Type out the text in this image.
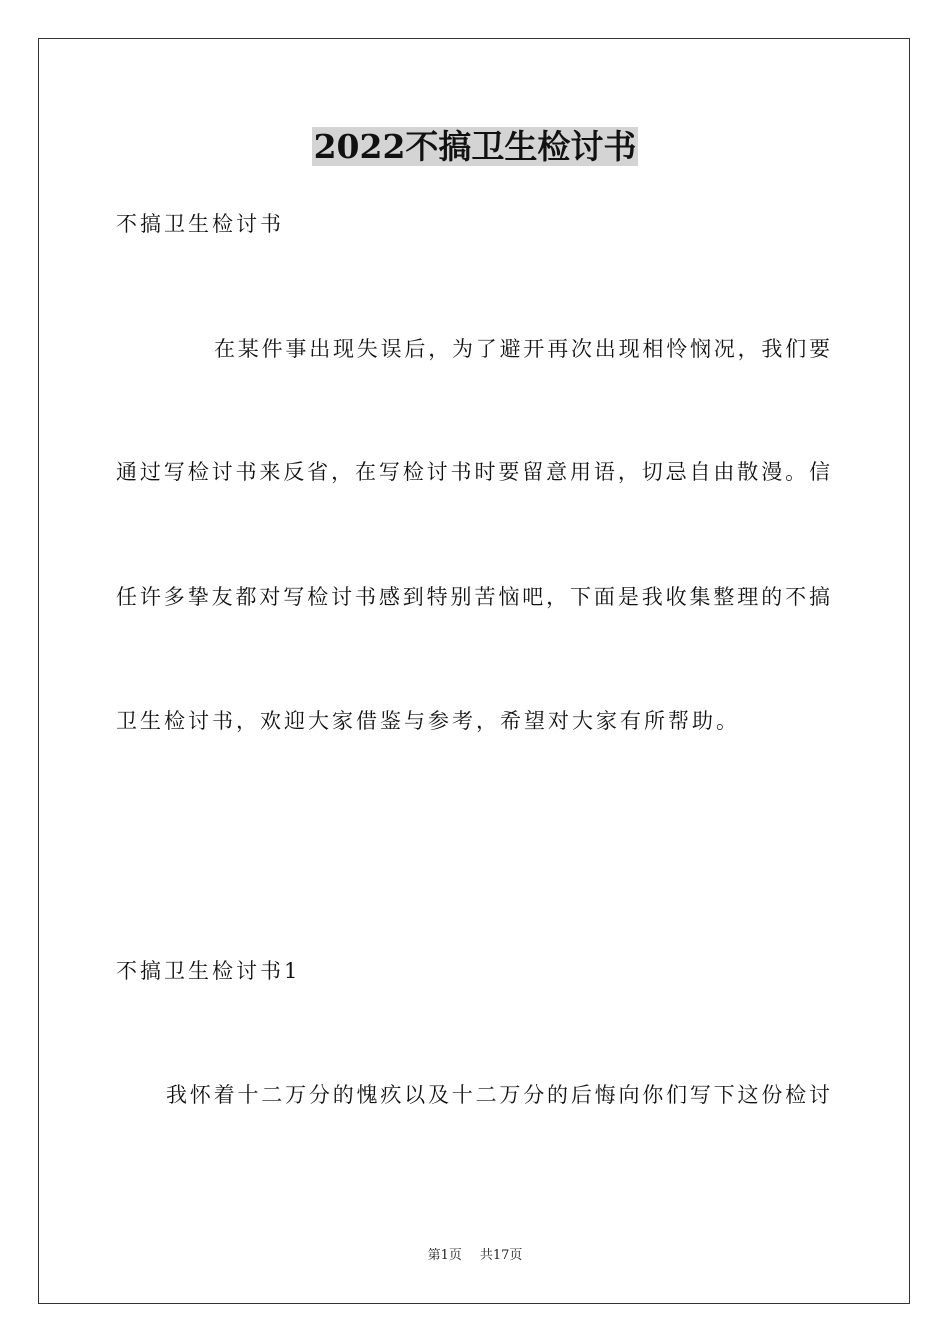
2022不搞卫生检讨书
不搞卫生检讨书
在某件事出现失误后，为了避开再次出现相怜悯况，我们要
通过写检讨书来反省，在写检讨书时要留意用语，切忌自由散漫。信
任许多挚友都对写检讨书感到特别苦恼吧，下面是我收集整理的不搞
卫生检讨书，欢迎大家借鉴与参考，希望对大家有所帮助。
不搞卫生检讨书1
我怀着十二万分的愧疚以及十二万分的后悔向你们写下这份检讨
第1页 共17页
